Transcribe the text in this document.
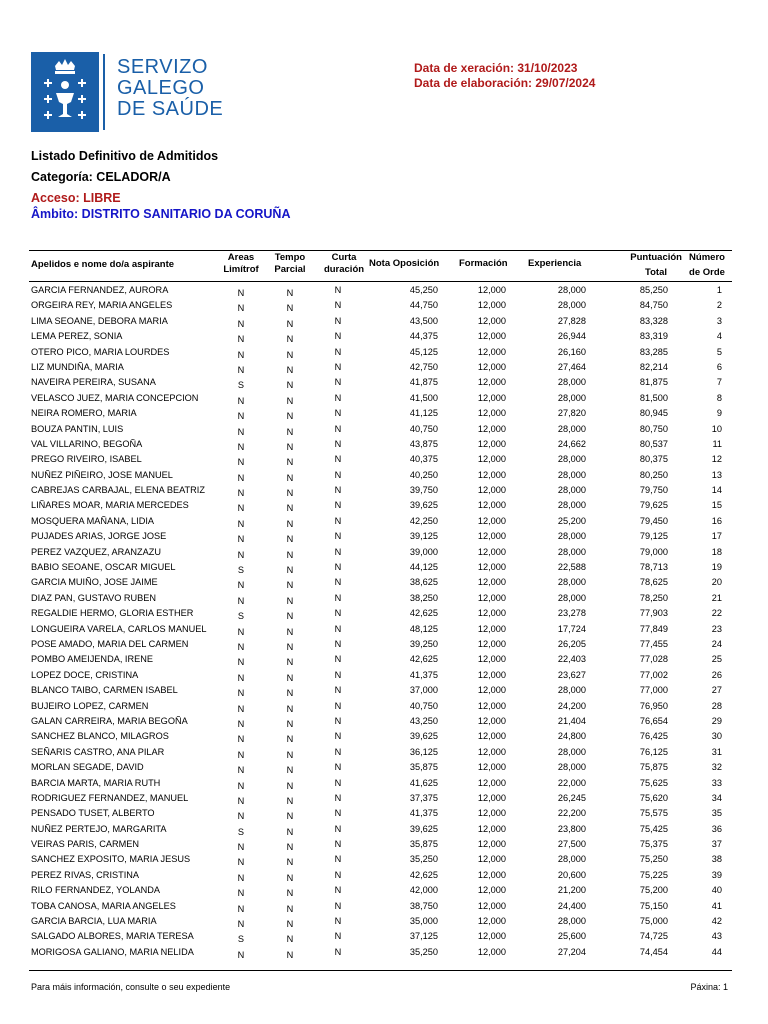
SERVIZO
GALEGO
DE SAÚDE
Data de xeración: 31/10/2023
Data de elaboración: 29/07/2024
Listado Definitivo de Admitidos
Categoría: CELADOR/A
Acceso: LIBRE
Âmbito: DISTRITO SANITARIO DA CORUÑA
Apelidos e nome do/a aspirante
Areas
Limítrof
Tempo
Parcial
Curta
duración
Nota Oposición Formación Experiencia
Puntuación
Total
Número
de Orde
GARCIA FERNANDEZ, AURORA	N	N	N	45,250	12,000	28,000	85,250	1
ORGEIRA REY, MARIA ANGELES	N	N	N	44,750	12,000	28,000	84,750	2
LIMA SEOANE, DEBORA MARIA	N	N	N	43,500	12,000	27,828	83,328	3
LEMA PEREZ, SONIA	N	N	N	44,375	12,000	26,944	83,319	4
OTERO PICO, MARIA LOURDES	N	N	N	45,125	12,000	26,160	83,285	5
LIZ MUNDIÑA, MARIA	N	N	N	42,750	12,000	27,464	82,214	6
NAVEIRA PEREIRA, SUSANA	S	N	N	41,875	12,000	28,000	81,875	7
VELASCO JUEZ, MARIA CONCEPCION	N	N	N	41,500	12,000	28,000	81,500	8
NEIRA ROMERO, MARIA	N	N	N	41,125	12,000	27,820	80,945	9
BOUZA PANTIN, LUIS	N	N	N	40,750	12,000	28,000	80,750	10
VAL VILLARINO, BEGOÑA	N	N	N	43,875	12,000	24,662	80,537	11
PREGO RIVEIRO, ISABEL	N	N	N	40,375	12,000	28,000	80,375	12
NUÑEZ PIÑEIRO, JOSE MANUEL	N	N	N	40,250	12,000	28,000	80,250	13
CABREJAS CARBAJAL, ELENA BEATRIZ	N	N	N	39,750	12,000	28,000	79,750	14
LIÑARES MOAR, MARIA MERCEDES	N	N	N	39,625	12,000	28,000	79,625	15
MOSQUERA MAÑANA, LIDIA	N	N	N	42,250	12,000	25,200	79,450	16
PUJADES ARIAS, JORGE JOSE	N	N	N	39,125	12,000	28,000	79,125	17
PEREZ VAZQUEZ, ARANZAZU	N	N	N	39,000	12,000	28,000	79,000	18
BABIO SEOANE, OSCAR MIGUEL	S	N	N	44,125	12,000	22,588	78,713	19
GARCIA MUIÑO, JOSE JAIME	N	N	N	38,625	12,000	28,000	78,625	20
DIAZ PAN, GUSTAVO RUBEN	N	N	N	38,250	12,000	28,000	78,250	21
REGALDIE HERMO, GLORIA ESTHER	S	N	N	42,625	12,000	23,278	77,903	22
LONGUEIRA VARELA, CARLOS MANUEL	N	N	N	48,125	12,000	17,724	77,849	23
POSE AMADO, MARIA DEL CARMEN	N	N	N	39,250	12,000	26,205	77,455	24
POMBO AMEIJENDA, IRENE	N	N	N	42,625	12,000	22,403	77,028	25
LOPEZ DOCE, CRISTINA	N	N	N	41,375	12,000	23,627	77,002	26
BLANCO TAIBO, CARMEN ISABEL	N	N	N	37,000	12,000	28,000	77,000	27
BUJEIRO LOPEZ, CARMEN	N	N	N	40,750	12,000	24,200	76,950	28
GALAN CARREIRA, MARIA BEGOÑA	N	N	N	43,250	12,000	21,404	76,654	29
SANCHEZ BLANCO, MILAGROS	N	N	N	39,625	12,000	24,800	76,425	30
SEÑARIS CASTRO, ANA PILAR	N	N	N	36,125	12,000	28,000	76,125	31
MORLAN SEGADE, DAVID	N	N	N	35,875	12,000	28,000	75,875	32
BARCIA MARTA, MARIA RUTH	N	N	N	41,625	12,000	22,000	75,625	33
RODRIGUEZ FERNANDEZ, MANUEL	N	N	N	37,375	12,000	26,245	75,620	34
PENSADO TUSET, ALBERTO	N	N	N	41,375	12,000	22,200	75,575	35
NUÑEZ PERTEJO, MARGARITA	S	N	N	39,625	12,000	23,800	75,425	36
VEIRAS PARIS, CARMEN	N	N	N	35,875	12,000	27,500	75,375	37
SANCHEZ EXPOSITO, MARIA JESUS	N	N	N	35,250	12,000	28,000	75,250	38
PEREZ RIVAS, CRISTINA	N	N	N	42,625	12,000	20,600	75,225	39
RILO FERNANDEZ, YOLANDA	N	N	N	42,000	12,000	21,200	75,200	40
TOBA CANOSA, MARIA ANGELES	N	N	N	38,750	12,000	24,400	75,150	41
GARCIA BARCIA, LUA MARIA	N	N	N	35,000	12,000	28,000	75,000	42
SALGADO ALBORES, MARIA TERESA	S	N	N	37,125	12,000	25,600	74,725	43
MORIGOSA GALIANO, MARIA NELIDA	N	N	N	35,250	12,000	27,204	74,454	44
Para máis información, consulte o seu expediente	Páxina: 1
